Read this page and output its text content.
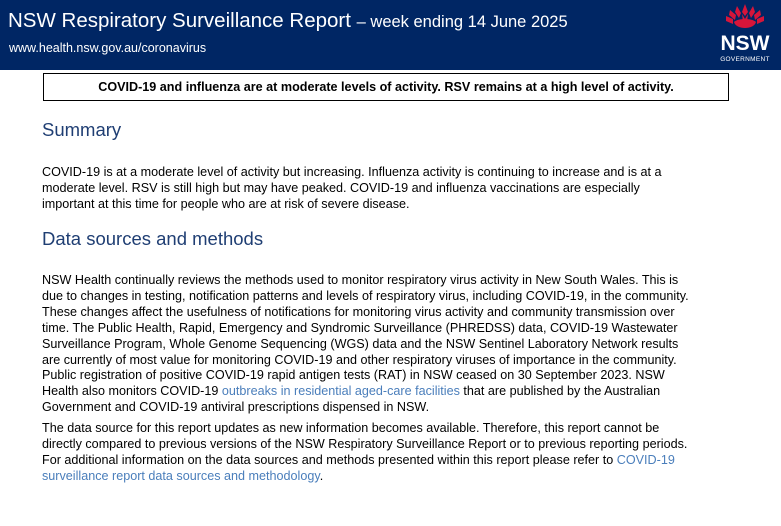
NSW Respiratory Surveillance Report – week ending 14 June 2025
www.health.nsw.gov.au/coronavirus	NSW
GOVERNMENT
COVID-19 and influenza are at moderate levels of activity. RSV remains at a high level of activity.
Summary
COVID-19 is at a moderate level of activity but increasing. Influenza activity is continuing to increase and is at a
moderate level. RSV is still high but may have peaked. COVID-19 and influenza vaccinations are especially
important at this time for people who are at risk of severe disease.
Data sources and methods
NSW Health continually reviews the methods used to monitor respiratory virus activity in New South Wales. This is
due to changes in testing, notification patterns and levels of respiratory virus, including COVID-19, in the community.
These changes affect the usefulness of notifications for monitoring virus activity and community transmission over
time. The Public Health, Rapid, Emergency and Syndromic Surveillance (PHREDSS) data, COVID-19 Wastewater
Surveillance Program, Whole Genome Sequencing (WGS) data and the NSW Sentinel Laboratory Network results
are currently of most value for monitoring COVID-19 and other respiratory viruses of importance in the community.
Public registration of positive COVID-19 rapid antigen tests (RAT) in NSW ceased on 30 September 2023. NSW
Health also monitors COVID-19 outbreaks in residential aged-care facilities that are published by the Australian
Government and COVID-19 antiviral prescriptions dispensed in NSW.
The data source for this report updates as new information becomes available. Therefore, this report cannot be
directly compared to previous versions of the NSW Respiratory Surveillance Report or to previous reporting periods.
For additional information on the data sources and methods presented within this report please refer to COVID-19
surveillance report data sources and methodology.
